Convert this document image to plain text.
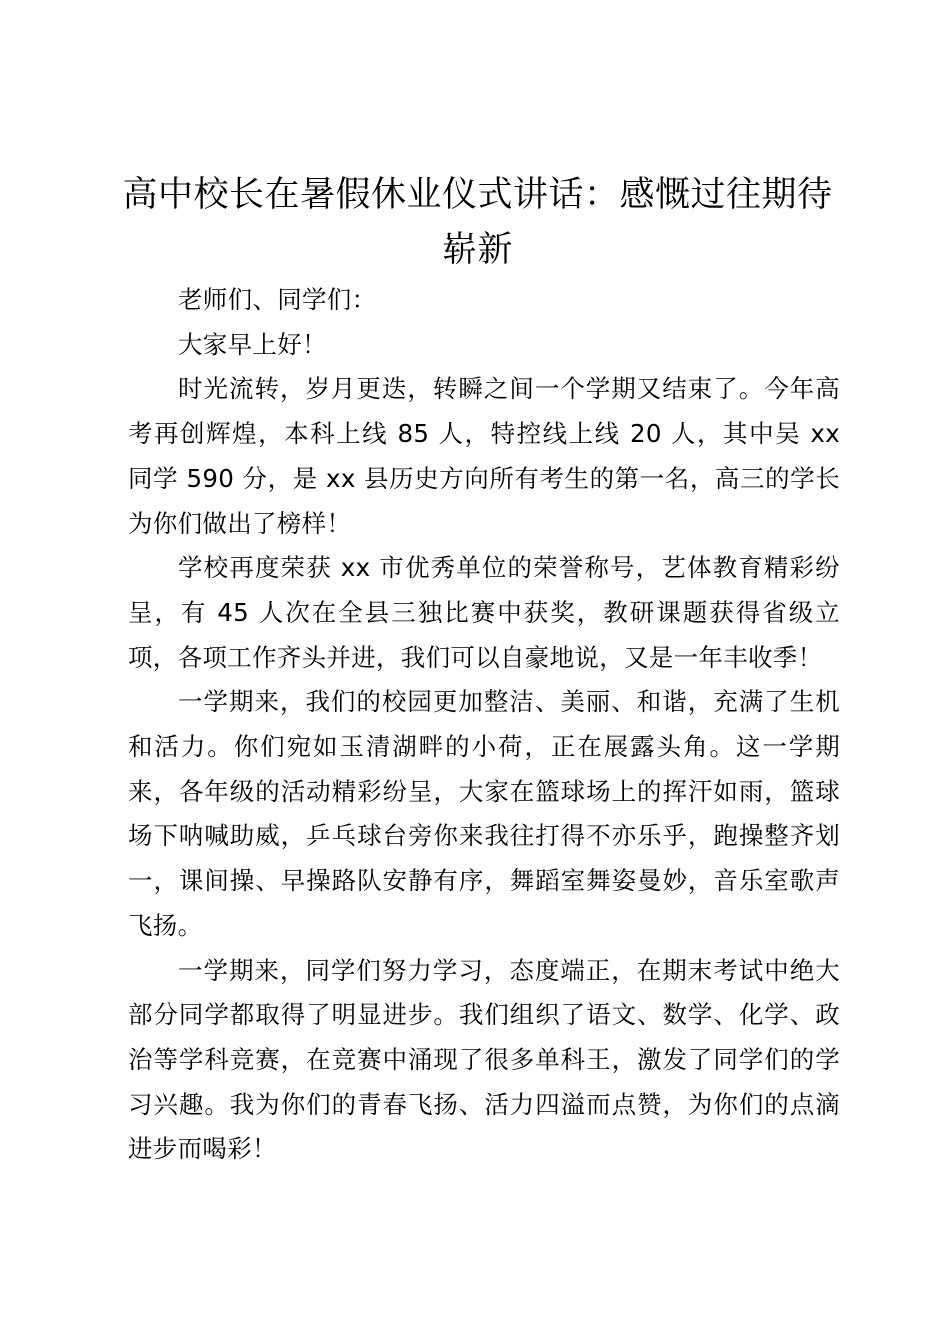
高中校长在暑假休业仪式讲话：感慨过往期待崭新

老师们、同学们：

大家早上好！

时光流转，岁月更迭，转瞬之间一个学期又结束了。今年高考再创辉煌，本科上线 85 人，特控线上线 20 人，其中吴 xx 同学 590 分，是 xx 县历史方向所有考生的第一名，高三的学长为你们做出了榜样！

学校再度荣获 xx 市优秀单位的荣誉称号，艺体教育精彩纷呈，有 45 人次在全县三独比赛中获奖，教研课题获得省级立项，各项工作齐头并进，我们可以自豪地说，又是一年丰收季！

一学期来，我们的校园更加整洁、美丽、和谐，充满了生机和活力。你们宛如玉清湖畔的小荷，正在展露头角。这一学期来，各年级的活动精彩纷呈，大家在篮球场上的挥汗如雨，篮球场下呐喊助威，乒乓球台旁你来我往打得不亦乐乎，跑操整齐划一，课间操、早操路队安静有序，舞蹈室舞姿曼妙，音乐室歌声飞扬。

一学期来，同学们努力学习，态度端正，在期末考试中绝大部分同学都取得了明显进步。我们组织了语文、数学、化学、政治等学科竞赛，在竞赛中涌现了很多单科王，激发了同学们的学习兴趣。我为你们的青春飞扬、活力四溢而点赞，为你们的点滴进步而喝彩！
